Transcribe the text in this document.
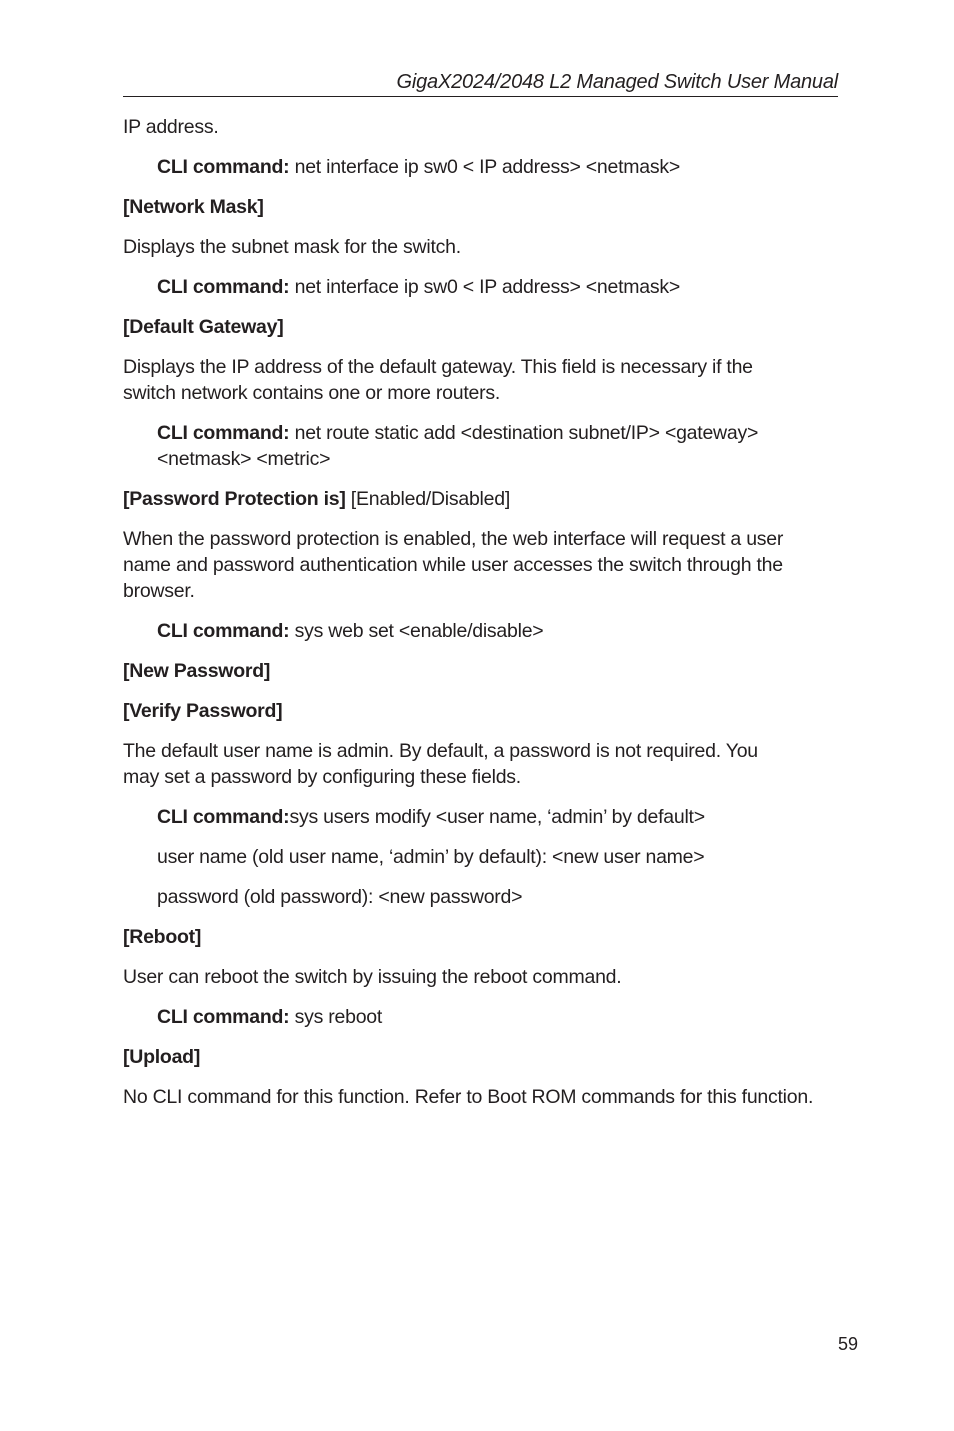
GigaX2024/2048 L2 Managed Switch User Manual

IP address.

CLI command: net interface ip sw0 < IP address> <netmask>

[Network Mask]

Displays the subnet mask for the switch.

CLI command: net interface ip sw0 < IP address> <netmask>

[Default Gateway]

Displays the IP address of the default gateway. This field is necessary if the
switch network contains one or more routers.

CLI command: net route static add <destination subnet/IP> <gateway>
<netmask> <metric>

[Password Protection is] [Enabled/Disabled]

When the password protection is enabled, the web interface will request a user
name and password authentication while user accesses the switch through the
browser.

CLI command: sys web set <enable/disable>

[New Password]

[Verify Password]

The default user name is admin. By default, a password is not required. You
may set a password by configuring these fields.

CLI command:sys users modify <user name, ‘admin’ by default>

user name (old user name, ‘admin’ by default): <new user name>

password (old password): <new password>

[Reboot]

User can reboot the switch by issuing the reboot command.

CLI command: sys reboot

[Upload]

No CLI command for this function. Refer to Boot ROM commands for this function.

59
